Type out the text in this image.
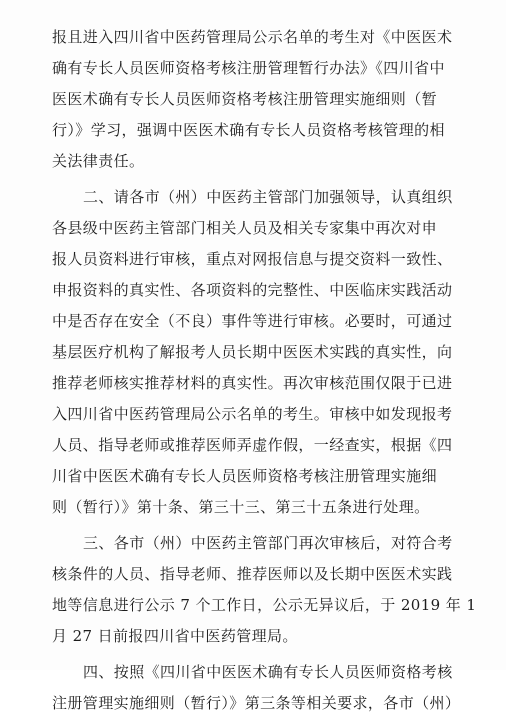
报且进入四川省中医药管理局公示名单的考生对《中医医术
确有专长人员医师资格考核注册管理暂行办法》《四川省中
医医术确有专长人员医师资格考核注册管理实施细则（暂
行）》学习，强调中医医术确有专长人员资格考核管理的相
关法律责任。
二、请各市（州）中医药主管部门加强领导，认真组织
各县级中医药主管部门相关人员及相关专家集中再次对申
报人员资料进行审核，重点对网报信息与提交资料一致性、
申报资料的真实性、各项资料的完整性、中医临床实践活动
中是否存在安全（不良）事件等进行审核。必要时，可通过
基层医疗机构了解报考人员长期中医医术实践的真实性，向
推荐老师核实推荐材料的真实性。再次审核范围仅限于已进
入四川省中医药管理局公示名单的考生。审核中如发现报考
人员、指导老师或推荐医师弄虚作假，一经查实，根据《四
川省中医医术确有专长人员医师资格考核注册管理实施细
则（暂行）》第十条、第三十三、第三十五条进行处理。
三、各市（州）中医药主管部门再次审核后，对符合考
核条件的人员、指导老师、推荐医师以及长期中医医术实践
地等信息进行公示 7 个工作日，公示无异议后，于 2019 年 1
月 27 日前报四川省中医药管理局。
四、按照《四川省中医医术确有专长人员医师资格考核
注册管理实施细则（暂行）》第三条等相关要求，各市（州）
